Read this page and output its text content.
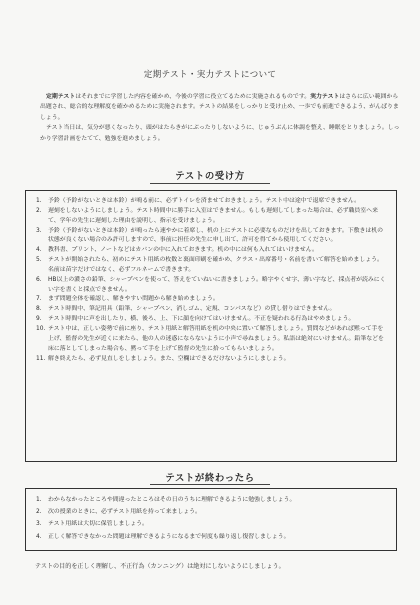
定期テスト・実力テストについて

定期テストはそれまでに学習した内容を確かめ、今後の学習に役立てるために実施されるものです。実力テストはさらに広い範囲から出題され、総合的な理解度を確かめるために実施されます。テストの結果をしっかりと受け止め、一歩でも前進できるよう、がんばりましょう。

テスト当日は、気分が悪くなったり、頭がはたらきがにぶったりしないように、じゅうぶんに体調を整え、睡眠をとりましょう。しっかり学習計画をたてて、勉強を進めましょう。

テストの受け方
1.	予鈴（予鈴がないときは本鈴）が鳴る前に、必ずトイレを済ませておきましょう。テスト中は途中で退席できません。
2.	遅刻をしないようにしましょう。テスト時間中に勝手に入室はできません。もしも遅刻してしまった場合は、必ず職員室へ来て、学年の先生に遅刻した理由を説明し、指示を受けましょう。
3.	予鈴（予鈴がないときは本鈴）が鳴ったら速やかに着席し、机の上にテストに必要なものだけを出しておきます。下敷きは机の状態が良くない場合のみ許可しますので、事前に担任の先生に申し出て、許可を得てから使用してください。
4.	教科書、プリント、ノートなどはカバンの中に入れておきます。机の中には何も入れてはいけません。
5.	テストが開始されたら、初めにテスト用紙の枚数と裏面印刷を確かめ、クラス・出席番号・名前を書いて解答を始めましょう。名前は苗字だけではなく、必ずフルネームで書きます。
6.	HB以上の濃さの鉛筆、シャープペンを使って、答えをていねいに書きましょう。略字やくせ字、薄い字など、採点者が読みにくい字を書くと採点できません。
7.	まず問題全体を確認し、解きやすい問題から解き始めましょう。
8.	テスト時間中、筆記用具（鉛筆、シャープペン、消しゴム、定規、コンパスなど）の貸し借りはできません。
9.	テスト時間中に声を出したり、横、後ろ、上、下に顔を向けてはいけません。不正を疑われる行為はやめましょう。
10. テスト中は、正しい姿勢で前に座り、テスト用紙と解答用紙を机の中央に置いて解答しましょう。質問などがあれば黙って手を上げ、監督の先生が近くに来たら、他の人の迷惑にならないように小声で尋ねましょう。私語は絶対にいけません。鉛筆などを床に落としてしまった場合も、黙って手を上げて監督の先生に拾ってもらいましょう。
11. 解き終えたら、必ず見直しをしましょう。また、空欄はできるだけないようにしましょう。
テストが終わったら
1.	わからなかったところや間違ったところはその日のうちに理解できるように勉強しましょう。
2.	次の授業のときに、必ずテスト用紙を持って来ましょう。
3.	テスト用紙は大切に保管しましょう。
4.	正しく解答できなかった問題は理解できるようになるまで何度も繰り返し復習しましょう。
テストの目的を正しく理解し、不正行為（カンニング）は絶対にしないようにしましょう。
